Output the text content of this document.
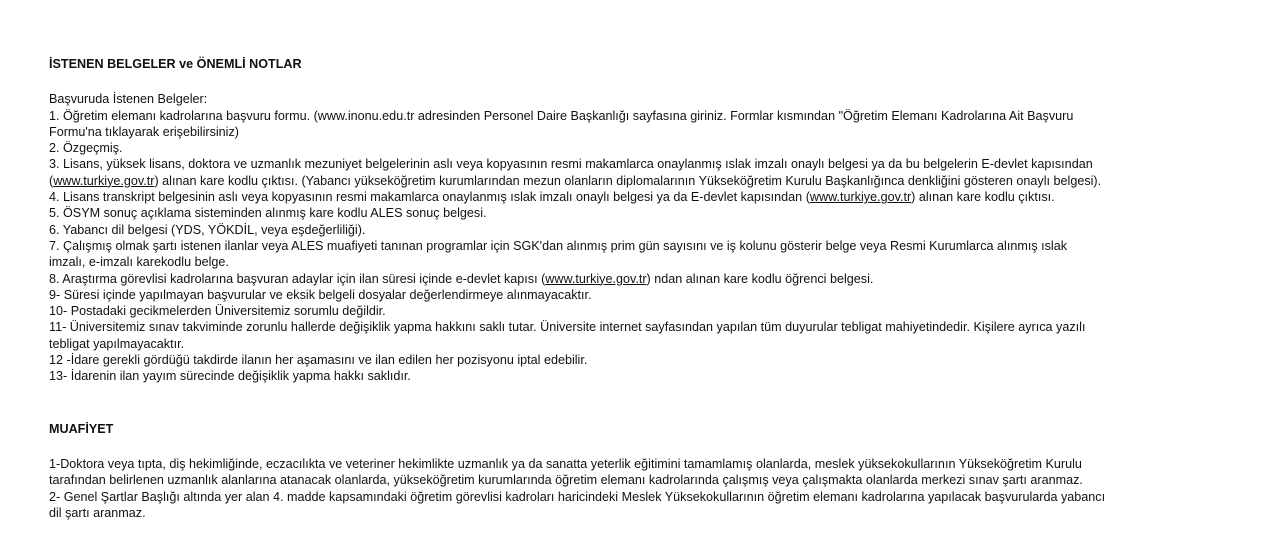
İSTENEN BELGELER ve ÖNEMLİ NOTLAR

Başvuruda İstenen Belgeler:

1. Öğretim elemanı kadrolarına başvuru formu. (www.inonu.edu.tr adresinden Personel Daire Başkanlığı sayfasına giriniz. Formlar kısmından "Öğretim Elemanı Kadrolarına Ait Başvuru
Formu'na tıklayarak erişebilirsiniz)

2. Özgeçmiş.

3. Lisans, yüksek lisans, doktora ve uzmanlık mezuniyet belgelerinin aslı veya kopyasının resmi makamlarca onaylanmış ıslak imzalı onaylı belgesi ya da bu belgelerin E-devlet kapısından
(www.turkiye.gov.tr) alınan kare kodlu çıktısı. (Yabancı yükseköğretim kurumlarından mezun olanların diplomalarının Yükseköğretim Kurulu Başkanlığınca denkliğini gösteren onaylı belgesi).

4. Lisans transkript belgesinin aslı veya kopyasının resmi makamlarca onaylanmış ıslak imzalı onaylı belgesi ya da E-devlet kapısından (www.turkiye.gov.tr) alınan kare kodlu çıktısı.

5. ÖSYM sonuç açıklama sisteminden alınmış kare kodlu ALES sonuç belgesi.

6. Yabancı dil belgesi (YDS, YÖKDİL, veya eşdeğerliliği).

7. Çalışmış olmak şartı istenen ilanlar veya ALES muafiyeti tanınan programlar için SGK'dan alınmış prim gün sayısını ve iş kolunu gösterir belge veya Resmi Kurumlarca alınmış ıslak
imzalı, e-imzalı karekodlu belge.

8. Araştırma görevlisi kadrolarına başvuran adaylar için ilan süresi içinde e-devlet kapısı (www.turkiye.gov.tr) ndan alınan kare kodlu öğrenci belgesi.

9- Süresi içinde yapılmayan başvurular ve eksik belgeli dosyalar değerlendirmeye alınmayacaktır.

10- Postadaki gecikmelerden Üniversitemiz sorumlu değildir.

11- Üniversitemiz sınav takviminde zorunlu hallerde değişiklik yapma hakkını saklı tutar. Üniversite internet sayfasından yapılan tüm duyurular tebligat mahiyetindedir. Kişilere ayrıca yazılı
tebligat yapılmayacaktır.

12 -İdare gerekli gördüğü takdirde ilanın her aşamasını ve ilan edilen her pozisyonu iptal edebilir.

13- İdarenin ilan yayım sürecinde değişiklik yapma hakkı saklıdır.

MUAFİYET

1-Doktora veya tıpta, diş hekimliğinde, eczacılıkta ve veteriner hekimlikte uzmanlık ya da sanatta yeterlik eğitimini tamamlamış olanlarda, meslek yüksekokullarının Yükseköğretim Kurulu
tarafından belirlenen uzmanlık alanlarına atanacak olanlarda, yükseköğretim kurumlarında öğretim elemanı kadrolarında çalışmış veya çalışmakta olanlarda merkezi sınav şartı aranmaz.

2- Genel Şartlar Başlığı altında yer alan 4. madde kapsamındaki öğretim görevlisi kadroları haricindeki Meslek Yüksekokullarının öğretim elemanı kadrolarına yapılacak başvurularda yabancı
dil şartı aranmaz.
